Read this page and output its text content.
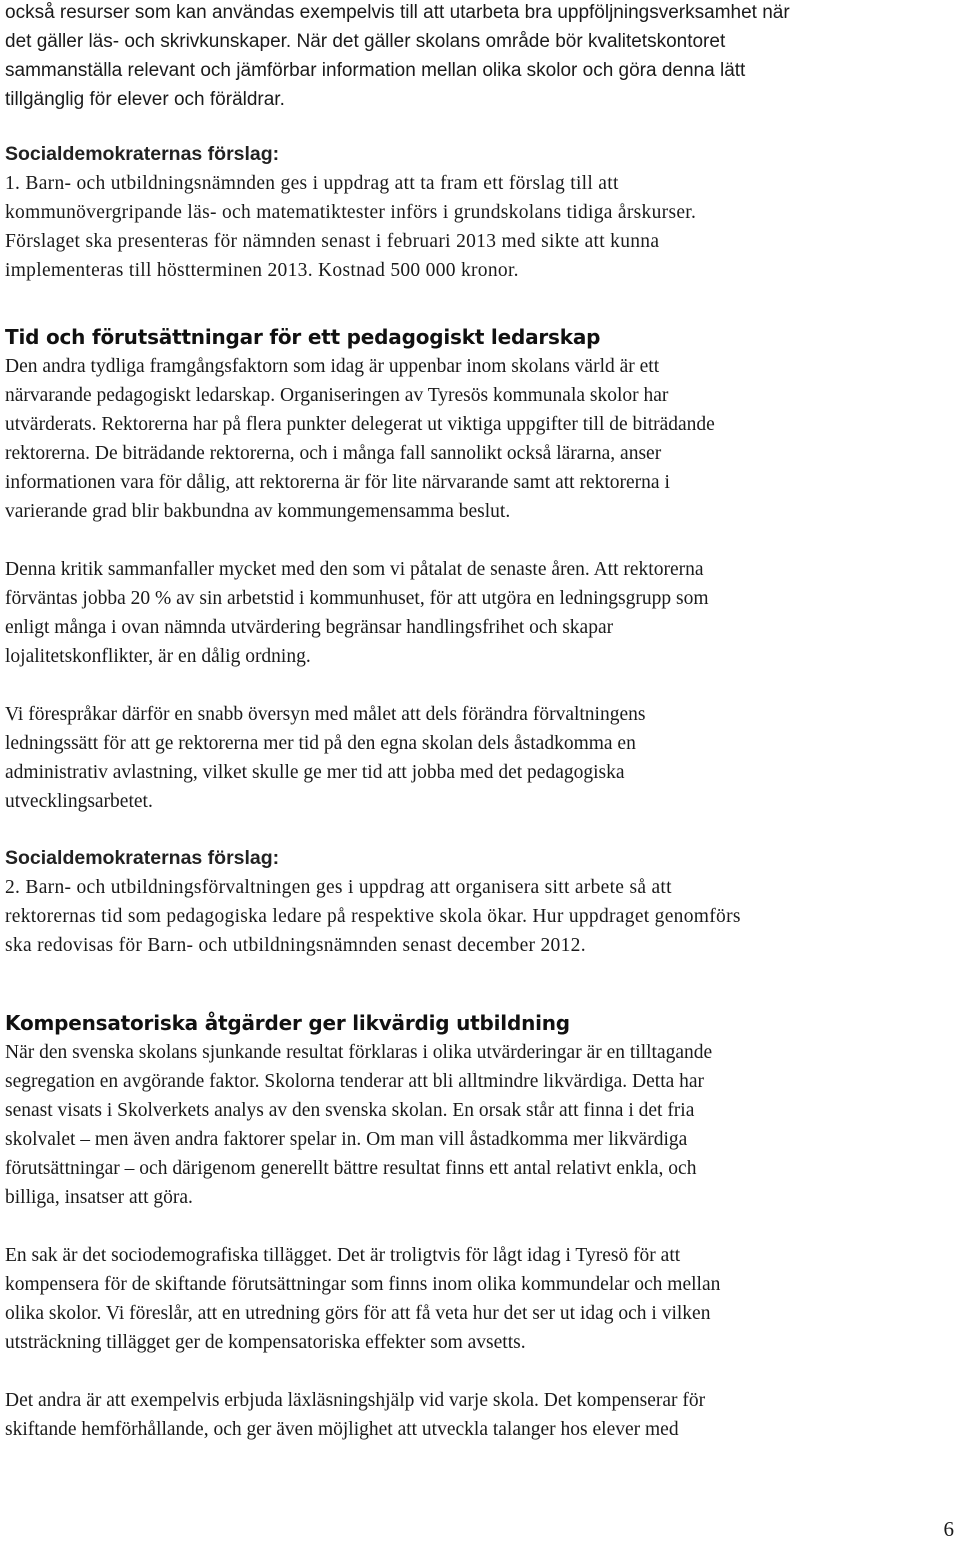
också resurser som kan användas exempelvis till att utarbeta bra uppföljningsverksamhet när

det gäller läs- och skrivkunskaper. När det gäller skolans område bör kvalitetskontoret

sammanställa relevant och jämförbar information mellan olika skolor och göra denna lätt

tillgänglig för elever och föräldrar.

Socialdemokraternas förslag:

1. Barn- och utbildningsnämnden ges i uppdrag att ta fram ett förslag till att

kommunövergripande läs- och matematiktester införs i grundskolans tidiga årskurser.

Förslaget ska presenteras för nämnden senast i februari 2013 med sikte att kunna

implementeras till höstterminen 2013. Kostnad 500 000 kronor.

Tid och förutsättningar för ett pedagogiskt ledarskap

Den andra tydliga framgångsfaktorn som idag är uppenbar inom skolans värld är ett

närvarande pedagogiskt ledarskap. Organiseringen av Tyresös kommunala skolor har

utvärderats. Rektorerna har på flera punkter delegerat ut viktiga uppgifter till de biträdande

rektorerna. De biträdande rektorerna, och i många fall sannolikt också lärarna, anser

informationen vara för dålig, att rektorerna är för lite närvarande samt att rektorerna i

varierande grad blir bakbundna av kommungemensamma beslut.

Denna kritik sammanfaller mycket med den som vi påtalat de senaste åren. Att rektorerna

förväntas jobba 20 % av sin arbetstid i kommunhuset, för att utgöra en ledningsgrupp som

enligt många i ovan nämnda utvärdering begränsar handlingsfrihet och skapar

lojalitetskonflikter, är en dålig ordning.

Vi förespråkar därför en snabb översyn med målet att dels förändra förvaltningens

ledningssätt för att ge rektorerna mer tid på den egna skolan dels åstadkomma en

administrativ avlastning, vilket skulle ge mer tid att jobba med det pedagogiska

utvecklingsarbetet.

Socialdemokraternas förslag:

2. Barn- och utbildningsförvaltningen ges i uppdrag att organisera sitt arbete så att

rektorernas tid som pedagogiska ledare på respektive skola ökar. Hur uppdraget genomförs

ska redovisas för Barn- och utbildningsnämnden senast december 2012.

Kompensatoriska åtgärder ger likvärdig utbildning

När den svenska skolans sjunkande resultat förklaras i olika utvärderingar är en tilltagande

segregation en avgörande faktor. Skolorna tenderar att bli alltmindre likvärdiga. Detta har

senast visats i Skolverkets analys av den svenska skolan. En orsak står att finna i det fria

skolvalet – men även andra faktorer spelar in. Om man vill åstadkomma mer likvärdiga

förutsättningar – och därigenom generellt bättre resultat finns ett antal relativt enkla, och

billiga, insatser att göra.

En sak är det sociodemografiska tillägget. Det är troligtvis för lågt idag i Tyresö för att

kompensera för de skiftande förutsättningar som finns inom olika kommundelar och mellan

olika skolor. Vi föreslår, att en utredning görs för att få veta hur det ser ut idag och i vilken

utsträckning tillägget ger de kompensatoriska effekter som avsetts.

Det andra är att exempelvis erbjuda läxläsningshjälp vid varje skola. Det kompenserar för

skiftande hemförhållande, och ger även möjlighet att utveckla talanger hos elever med

6
